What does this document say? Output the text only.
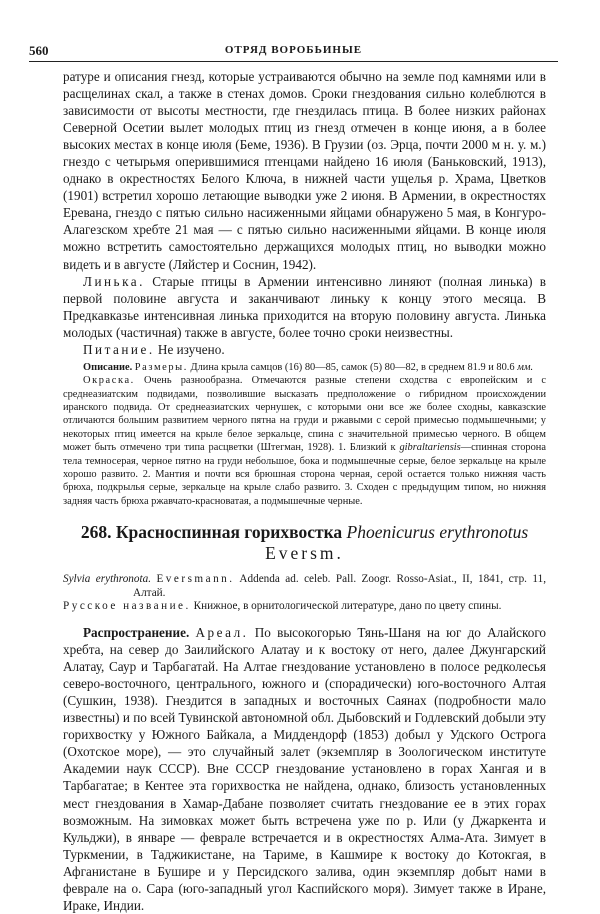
560	ОТРЯД ВОРОБЬИНЫЕ

ратуре и описания гнезд, которые устраиваются обычно на земле под камнями или в расщелинах скал, а также в стенах домов. Сроки гнездования сильно колеблются в зависимости от высоты местности, где гнездилась птица. В более низких районах Северной Осетии вылет молодых птиц из гнезд отмечен в конце июня, а в более высоких местах в конце июля (Беме, 1936). В Грузии (оз. Эрца, почти 2000 м н. у. м.) гнездо с четырьмя оперившимися птенцами найдено 16 июля (Баньковский, 1913), однако в окрестностях Белого Ключа, в нижней части ущелья р. Храма, Цветков (1901) встретил хорошо летающие выводки уже 2 июня. В Армении, в окрестностях Еревана, гнездо с пятью сильно насиженными яйцами обнаружено 5 мая, в Конгуро-Алагезском хребте 21 мая — с пятью сильно насиженными яйцами. В конце июля можно встретить самостоятельно держащихся молодых птиц, но выводки можно видеть и в августе (Ляйстер и Соснин, 1942).

Линька. Старые птицы в Армении интенсивно линяют (полная линька) в первой половине августа и заканчивают линьку к концу этого месяца. В Предкавказье интенсивная линька приходится на вторую половину августа. Линька молодых (частичная) также в августе, более точно сроки неизвестны.

Питание. Не изучено.

Описание. Размеры. Длина крыла самцов (16) 80—85, самок (5) 80—82, в среднем 81.9 и 80.6 мм.

Окраска. Очень разнообразна. Отмечаются разные степени сходства с европейским и с среднеазиатским подвидами, позволившие высказать предположение о гибридном происхождении иранского подвида. От среднеазиатских чернушек, с которыми они все же более сходны, кавказские отличаются большим развитием черного пятна на груди и ржавыми с серой примесью подмышечными; у некоторых птиц имеется на крыле белое зеркальце, спина с значительной примесью черного. В общем может быть отмечено три типа расцветки (Штегман, 1928). 1. Близкий к gibraltariensis—спинная сторона тела темносерая, черное пятно на груди небольшое, бока и подмышечные серые, белое зеркальце на крыле хорошо развито. 2. Мантия и почти вся брюшная сторона черная, серой остается только нижняя часть брюха, подкрылья серые, зеркальце на крыле слабо развито. 3. Сходен с предыдущим типом, но нижняя задняя часть брюха ржавчато-красноватая, а подмышечные черные.

268. Красноспинная горихвостка Phoenicurus erythronotus
Eversm.

Sylvia erythronota. Eversmann. Addenda ad. celeb. Pall. Zoogr. Rosso-Asiat., II, 1841, стр. 11, Алтай.

Русское название. Книжное, в орнитологической литературе, дано по цвету спины.

Распространение. Ареал. По высокогорью Тянь-Шаня на юг до Алайского хребта, на север до Заилийского Алатау и к востоку от него, далее Джунгарский Алатау, Саур и Тарбагатай. На Алтае гнездование установлено в полосе редколесья северо-восточного, центрального, южного и (спорадически) юго-восточного Алтая (Сушкин, 1938). Гнездится в западных и восточных Саянах (подробности мало известны) и по всей Тувинской автономной обл. Дыбовский и Годлевский добыли эту горихвостку у Южного Байкала, а Миддендорф (1853) добыл у Удского Острога (Охотское море), — это случайный залет (экземпляр в Зоологическом институте Академии наук СССР). Вне СССР гнездование установлено в горах Хангая и в Тарбагатае; в Кентее эта горихвостка не найдена, однако, близость установленных мест гнездования в Хамар-Дабане позволяет считать гнездование ее в этих горах возможным. На зимовках может быть встречена уже по р. Или (у Джаркента и Кульджи), в январе — феврале встречается и в окрестностях Алма-Ата. Зимует в Туркмении, в Таджикистане, на Тариме, в Кашмире к востоку до Котокгая, в Афганистане в Бушире и у Персидского залива, один экземпляр добыт нами в феврале на о. Сара (юго-западный угол Каспийского моря). Зимует также в Иране, Ираке, Индии.
